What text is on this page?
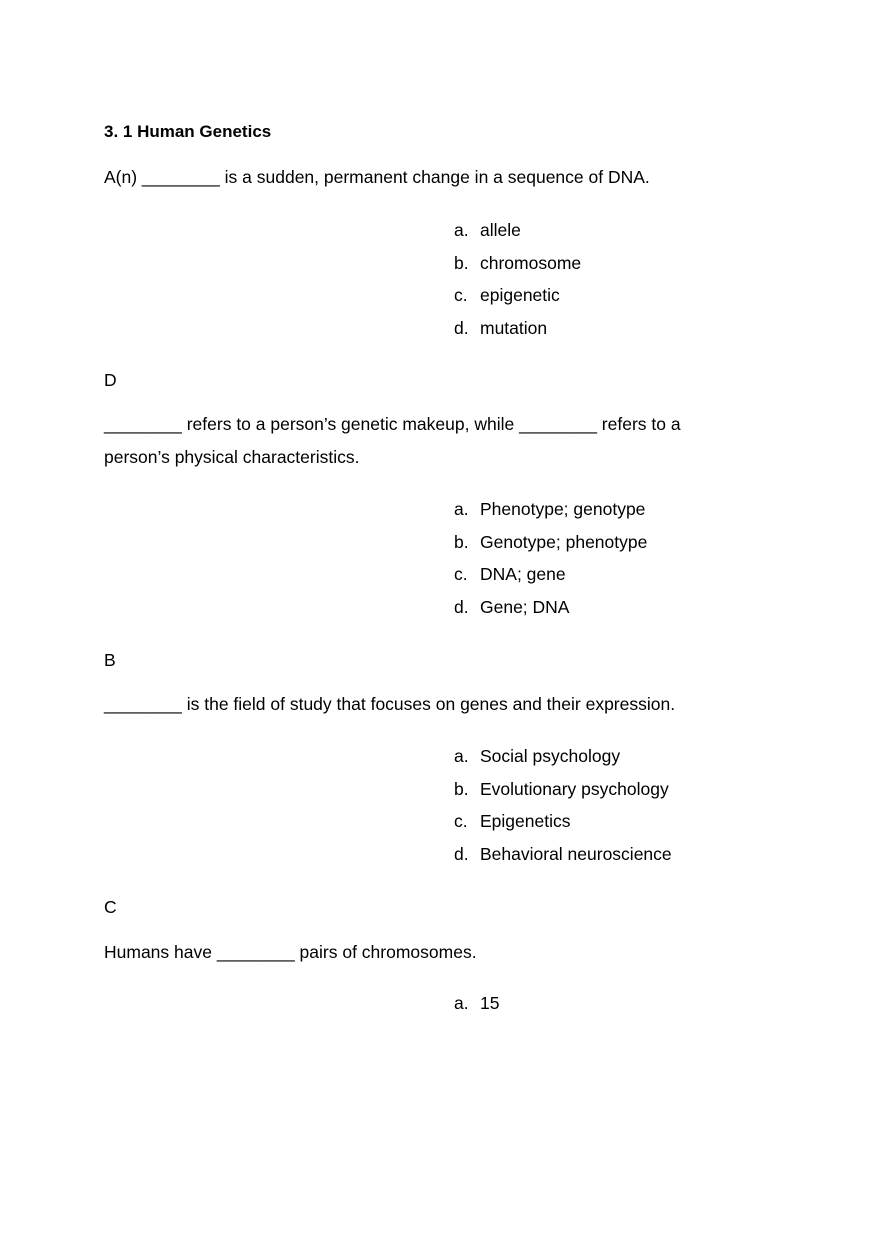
3. 1 Human Genetics
A(n) ________ is a sudden, permanent change in a sequence of DNA.
a. allele
b. chromosome
c. epigenetic
d. mutation
D
________ refers to a person’s genetic makeup, while ________ refers to a person’s physical characteristics.
a. Phenotype; genotype
b. Genotype; phenotype
c. DNA; gene
d. Gene; DNA
B
________ is the field of study that focuses on genes and their expression.
a. Social psychology
b. Evolutionary psychology
c. Epigenetics
d. Behavioral neuroscience
C
Humans have ________ pairs of chromosomes.
a. 15
